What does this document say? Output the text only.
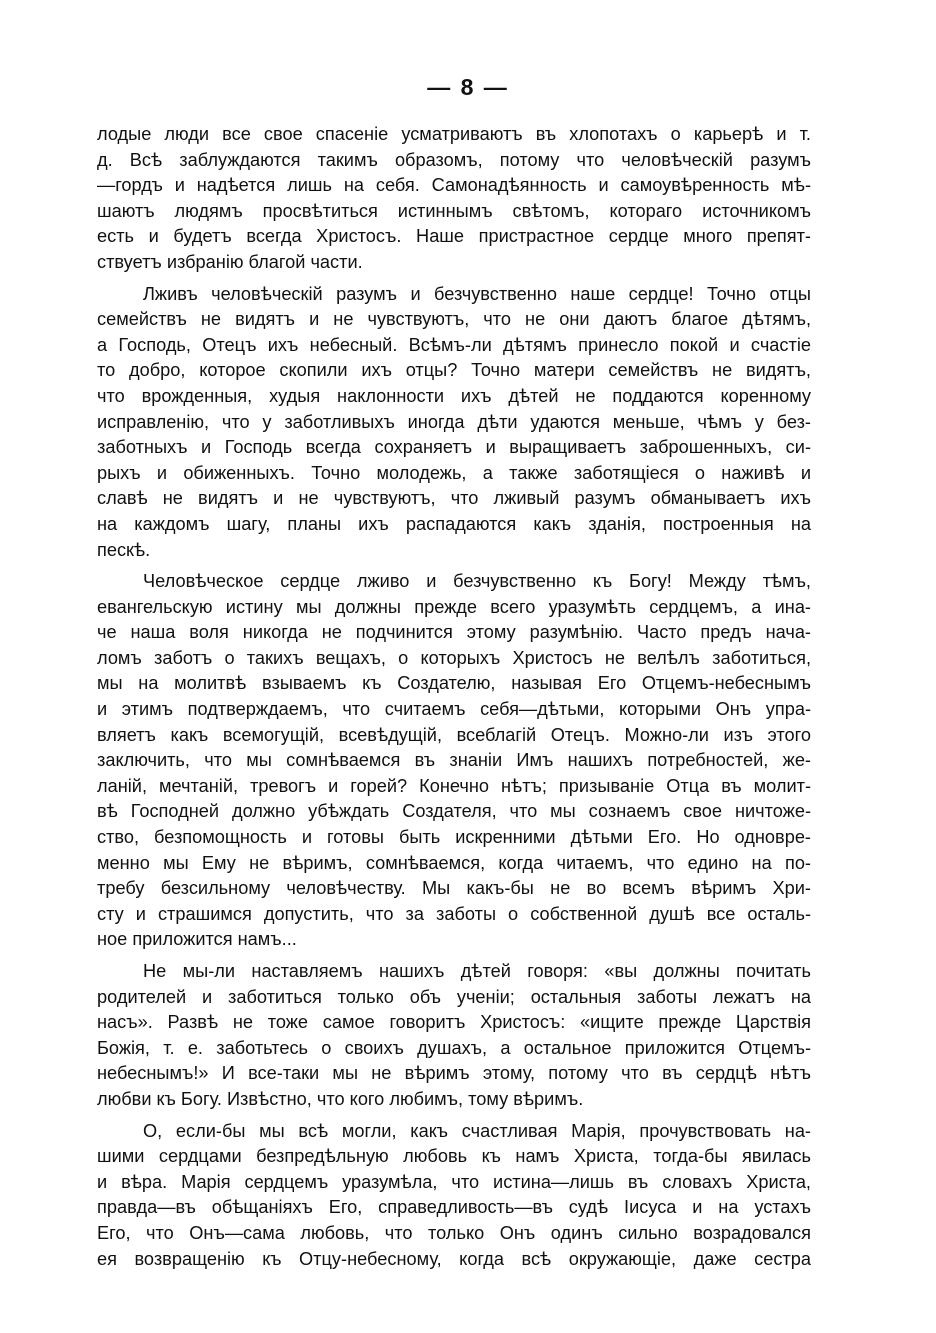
— 8 —
лодые люди все свое спасенiе усматриваютъ въ хлопотахъ о карьерѣ и т.
д. Всѣ заблуждаются такимъ образомъ, потому что человѣческiй разумъ
—гордъ и надѣется лишь на себя. Самонадѣянность и самоувѣренность мѣ-
шаютъ людямъ просвѣтиться истиннымъ свѣтомъ, котораго источникомъ
есть и будетъ всегда Христосъ. Наше пристрастное сердце много препят-
ствуетъ избранiю благой части.
Лживъ человѣческiй разумъ и безчувственно наше сердце! Точно отцы
семействъ не видятъ и не чувствуютъ, что не они даютъ благое дѣтямъ,
а Господь, Отецъ ихъ небесный. Всѣмъ-ли дѣтямъ принесло покой и счастiе
то добро, которое скопили ихъ отцы? Точно матери семействъ не видятъ,
что врожденныя, худыя наклонности ихъ дѣтей не поддаются коренному
исправленiю, что у заботливыхъ иногда дѣти удаются меньше, чѣмъ у без-
заботныхъ и Господь всегда сохраняетъ и выращиваетъ заброшенныхъ, си-
рыхъ и обиженныхъ. Точно молодежь, а также заботящiеся о наживѣ и
славѣ не видятъ и не чувствуютъ, что лживый разумъ обманываетъ ихъ
на каждомъ шагу, планы ихъ распадаются какъ зданiя, построенныя на
пескѣ.
Человѣческое сердце лживо и безчувственно къ Богу! Между тѣмъ,
евангельскую истину мы должны прежде всего уразумѣть сердцемъ, а ина-
че наша воля никогда не подчинится этому разумѣнiю. Часто предъ нача-
ломъ заботъ о такихъ вещахъ, о которыхъ Христосъ не велѣлъ заботиться,
мы на молитвѣ взываемъ къ Создателю, называя Его Отцемъ-небеснымъ
и этимъ подтверждаемъ, что считаемъ себя—дѣтьми, которыми Онъ упра-
вляетъ какъ всемогущiй, всевѣдущiй, всеблагiй Отецъ. Можно-ли изъ этого
заключить, что мы сомнѣваемся въ знанiи Имъ нашихъ потребностей, же-
ланiй, мечтанiй, тревогъ и горей? Конечно нѣтъ; призыванiе Отца въ молит-
вѣ Господней должно убѣждать Создателя, что мы сознаемъ свое ничтоже-
ство, безпомощность и готовы быть искренними дѣтьми Его. Но одновре-
менно мы Ему не вѣримъ, сомнѣваемся, когда читаемъ, что едино на по-
требу безсильному человѣчеству. Мы какъ-бы не во всемъ вѣримъ Хри-
сту и страшимся допустить, что за заботы о собственной душѣ все осталь-
ное приложится намъ...
Не мы-ли наставляемъ нашихъ дѣтей говоря: «вы должны почитать
родителей и заботиться только объ ученiи; остальныя заботы лежатъ на
насъ». Развѣ не тоже самое говоритъ Христосъ: «ищите прежде Царствiя
Божiя, т. е. заботьтесь о своихъ душахъ, а остальное приложится Отцемъ-
небеснымъ!» И все-таки мы не вѣримъ этому, потому что въ сердцѣ нѣтъ
любви къ Богу. Извѣстно, что кого любимъ, тому вѣримъ.
О, если-бы мы всѣ могли, какъ счастливая Марiя, прочувствовать на-
шими сердцами безпредѣльную любовь къ намъ Христа, тогда-бы явилась
и вѣра. Марiя сердцемъ уразумѣла, что истина—лишь въ словахъ Христа,
правда—въ обѣщанiяхъ Его, справедливость—въ судѣ Iисуса и на устахъ
Его, что Онъ—сама любовь, что только Онъ одинъ сильно возрадовался
ея возвращенiю къ Отцу-небесному, когда всѣ окружающiе, даже сестра
